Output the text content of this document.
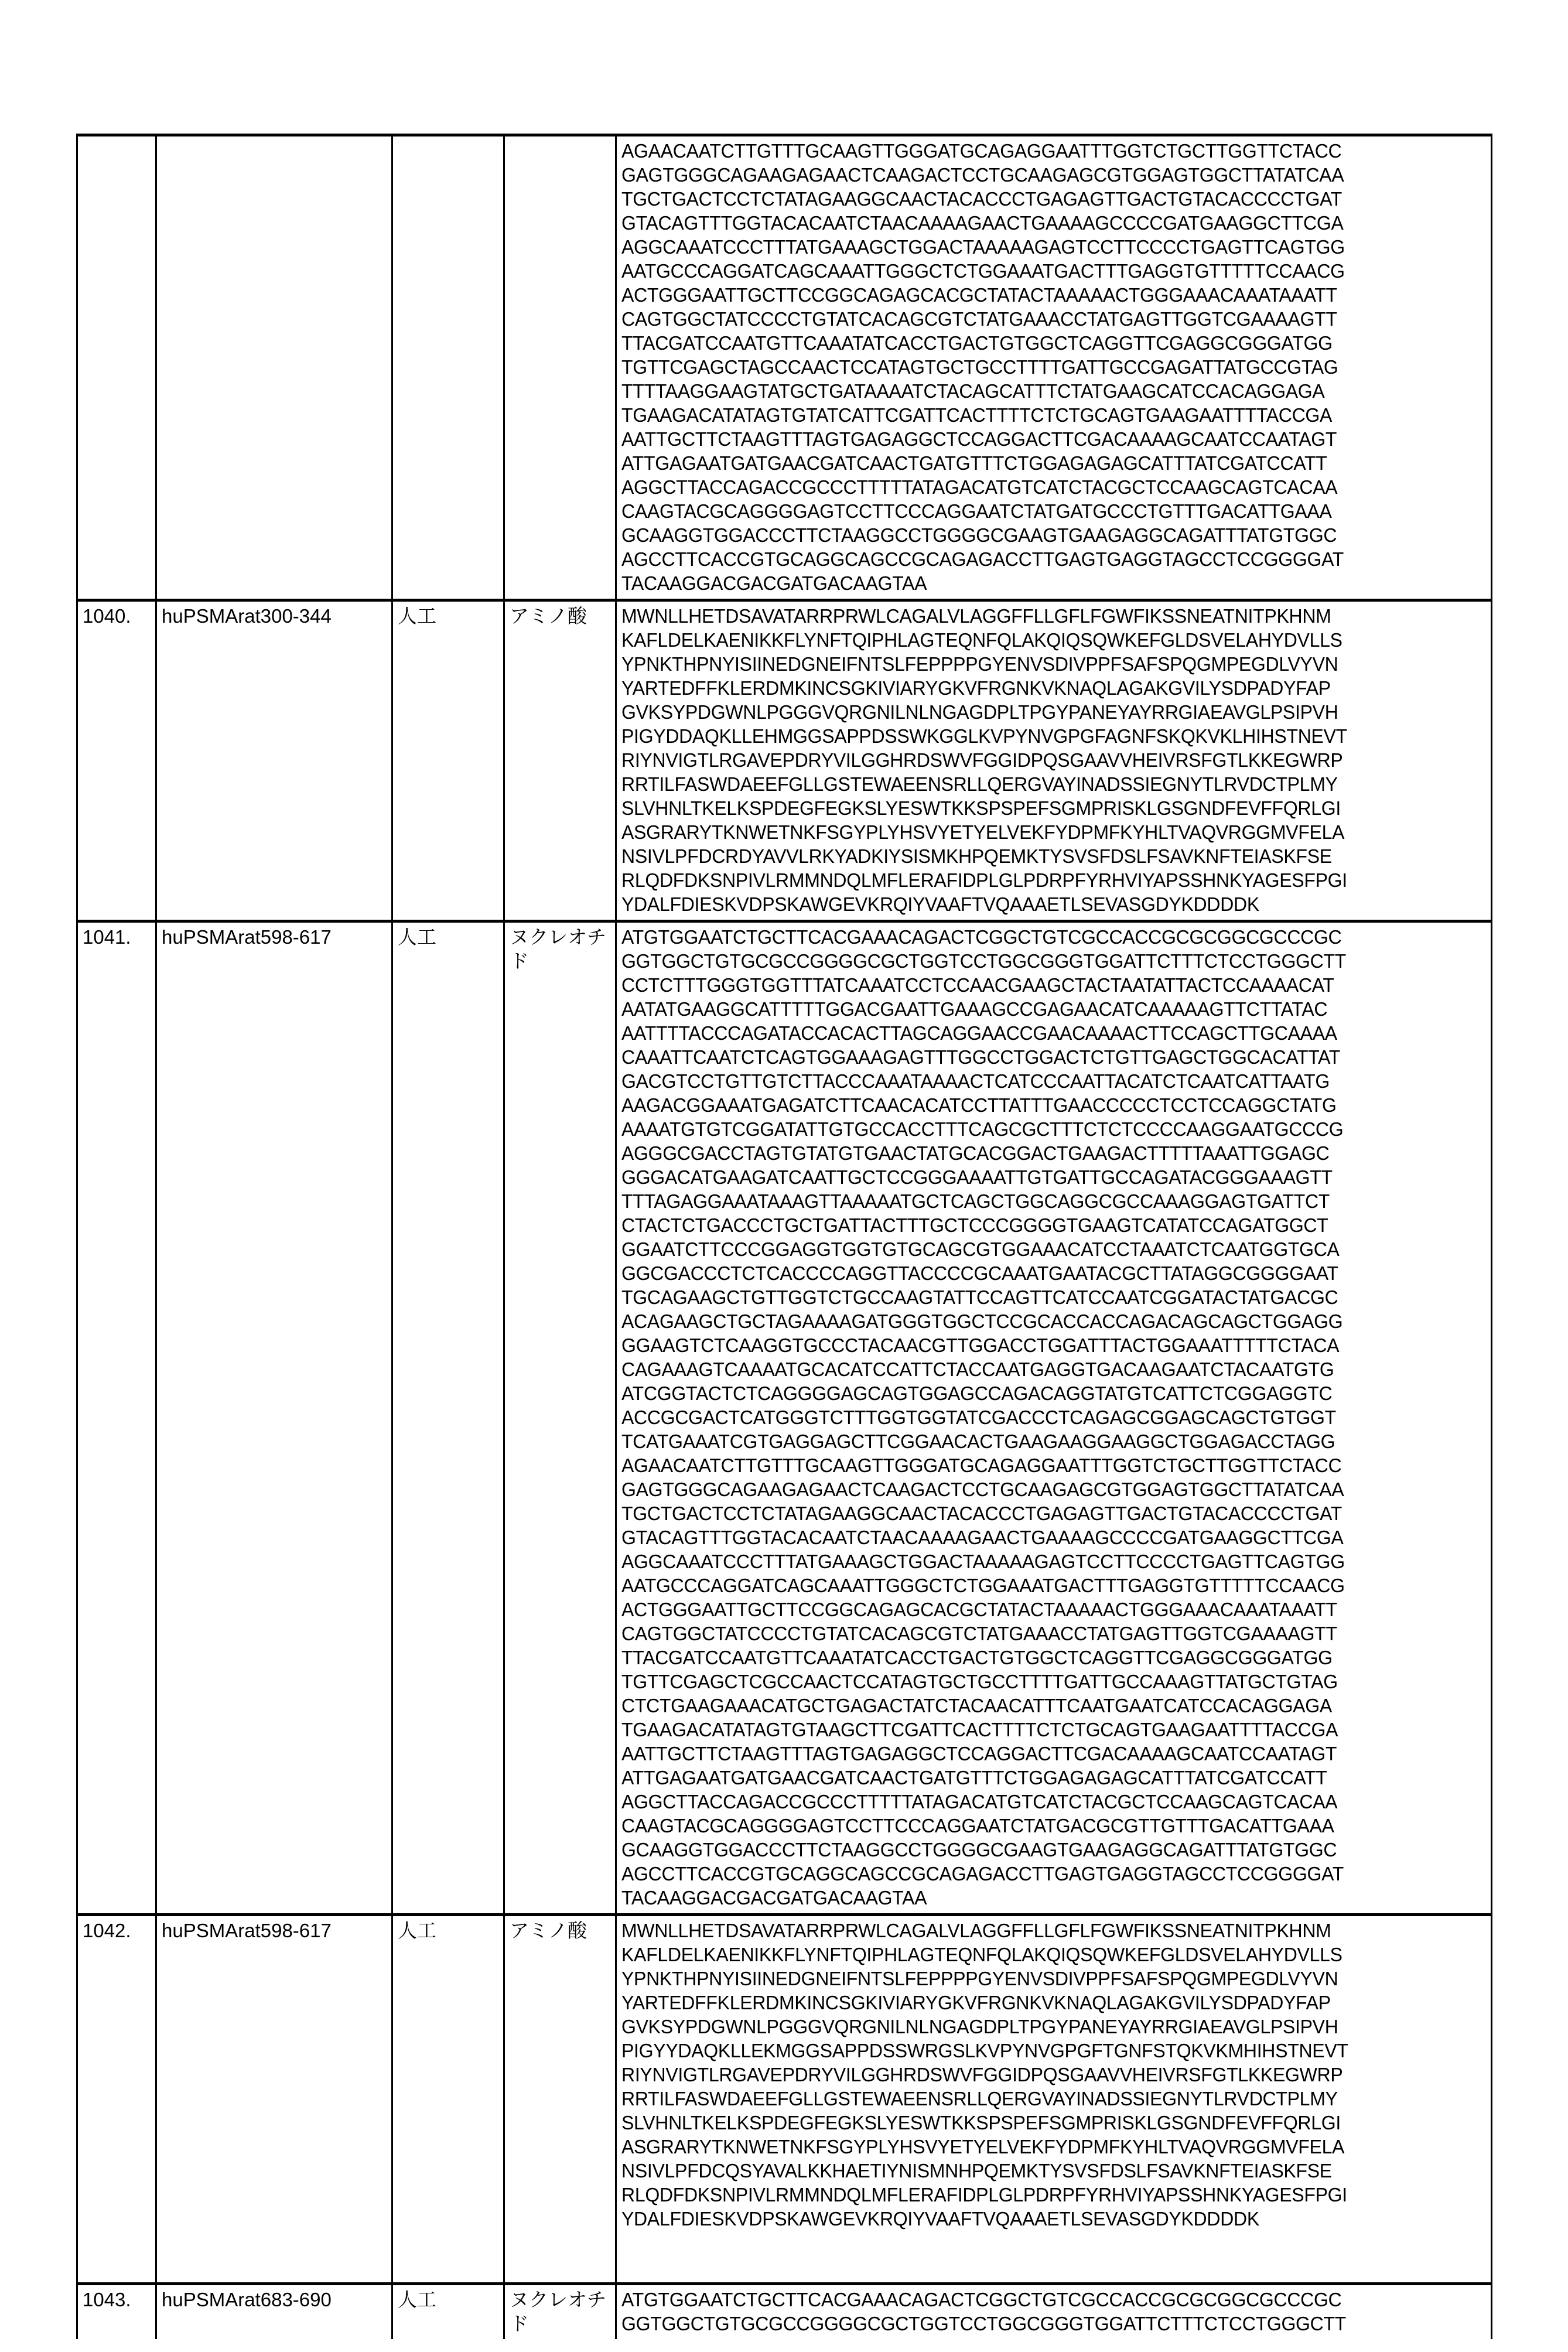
AGAACAATCTTGTTTGCAAGTTGGGATGCAGAGGAATTTGGTCTGCTTGGTTCTACC
GAGTGGGCAGAAGAGAACTCAAGACTCCTGCAAGAGCGTGGAGTGGCTTATATCAA
TGCTGACTCCTCTATAGAAGGCAACTACACCCTGAGAGTTGACTGTACACCCCTGAT
GTACAGTTTGGTACACAATCTAACAAAAGAACTGAAAAGCCCCGATGAAGGCTTCGA
AGGCAAATCCCTTTATGAAAGCTGGACTAAAAAGAGTCCTTCCCCTGAGTTCAGTGG
AATGCCCAGGATCAGCAAATTGGGCTCTGGAAATGACTTTGAGGTGTTTTTCCAACG
ACTGGGAATTGCTTCCGGCAGAGCACGCTATACTAAAAACTGGGAAACAAATAAATT
CAGTGGCTATCCCCTGTATCACAGCGTCTATGAAACCTATGAGTTGGTCGAAAAGTT
TTACGATCCAATGTTCAAATATCACCTGACTGTGGCTCAGGTTCGAGGCGGGATGG
TGTTCGAGCTAGCCAACTCCATAGTGCTGCCTTTTGATTGCCGAGATTATGCCGTAG
TTTTAAGGAAGTATGCTGATAAAATCTACAGCATTTCTATGAAGCATCCACAGGAGA
TGAAGACATATAGTGTATCATTCGATTCACTTTTCTCTGCAGTGAAGAATTTTACCGA
AATTGCTTCTAAGTTTAGTGAGAGGCTCCAGGACTTCGACAAAAGCAATCCAATAGT
ATTGAGAATGATGAACGATCAACTGATGTTTCTGGAGAGAGCATTTATCGATCCATT
AGGCTTACCAGACCGCCCTTTTTATAGACATGTCATCTACGCTCCAAGCAGTCACAA
CAAGTACGCAGGGGAGTCCTTCCCAGGAATCTATGATGCCCTGTTTGACATTGAAA
GCAAGGTGGACCCTTCTAAGGCCTGGGGCGAAGTGAAGAGGCAGATTTATGTGGC
AGCCTTCACCGTGCAGGCAGCCGCAGAGACCTTGAGTGAGGTAGCCTCCGGGGAT
TACAAGGACGACGATGACAAGTAA

1040.	huPSMArat300-344	人工	アミノ酸	MWNLLHETDSAVATARRPRWLCAGALVLAGGFFLLGFLFGWFIKSSNEATNITPKHNM
KAFLDELKAENIKKFLYNFTQIPHLAGTEQNFQLAKQIQSQWKEFGLDSVELAHYDVLLS
YPNKTHPNYISIINEDGNEIFNTSLFEPPPPGYENVSDIVPPFSAFSPQGMPEGDLVYVN
YARTEDFFKLERDMKINCSGKIVIARYGKVFRGNKVKNAQLAGAKGVILYSDPADYFAP
GVKSYPDGWNLPGGGVQRGNILNLNGAGDPLTPGYPANEYAYRRGIAEAVGLPSIPVH
PIGYDDAQKLLEHMGGSAPPDSSWKGGLKVPYNVGPGFAGNFSKQKVKLHIHSTNEVT
RIYNVIGTLRGAVEPDRYVILGGHRDSWVFGGIDPQSGAAVVHEIVRSFGTLKKEGWRP
RRTILFASWDAEEFGLLGSTEWAEENSRLLQERGVAYINADSSIEGNYTLRVDCTPLMY
SLVHNLTKELKSPDEGFEGKSLYESWTKKSPSPEFSGMPRISKLGSGNDFEVFFQRLGI
ASGRARYTKNWETNKFSGYPLYHSVYETYELVEKFYDPMFKYHLTVAQVRGGMVFELA
NSIVLPFDCRDYAVVLRKYADKIYSISMKHPQEMKTYSVSFDSLFSAVKNFTEIASKFSE
RLQDFDKSNPIVLRMMNDQLMFLERAFIDPLGLPDRPFYRHVIYAPSSHNKYAGESFPGI
YDALFDIESKVDPSKAWGEVKRQIYVAAFTVQAAAETLSEVASGDYKDDDDK

1041.	huPSMArat598-617	人工	ヌクレオチド	
ATGTGGAATCTGCTTCACGAAACAGACTCGGCTGTCGCCACCGCGCGGCGCCCGC
GGTGGCTGTGCGCCGGGGCGCTGGTCCTGGCGGGTGGATTCTTTCTCCTGGGCTT
CCTCTTTGGGTGGTTTATCAAATCCTCCAACGAAGCTACTAATATTACTCCAAAACAT
AATATGAAGGCATTTTTGGACGAATTGAAAGCCGAGAACATCAAAAAGTTCTTATAC
AATTTTACCCAGATACCACACTTAGCAGGAACCGAACAAAACTTCCAGCTTGCAAAA
CAAATTCAATCTCAGTGGAAAGAGTTTGGCCTGGACTCTGTTGAGCTGGCACATTAT
GACGTCCTGTTGTCTTACCCAAATAAAACTCATCCCAATTACATCTCAATCATTAATG
AAGACGGAAATGAGATCTTCAACACATCCTTATTTGAACCCCCTCCTCCAGGCTATG
AAAATGTGTCGGATATTGTGCCACCTTTCAGCGCTTTCTCTCCCCAAGGAATGCCCG
AGGGCGACCTAGTGTATGTGAACTATGCACGGACTGAAGACTTTTTAAATTGGAGC
GGGACATGAAGATCAATTGCTCCGGGAAAATTGTGATTGCCAGATACGGGAAAGTT
TTTAGAGGAAATAAAGTTAAAAATGCTCAGCTGGCAGGCGCCAAAGGAGTGATTCT
CTACTCTGACCCTGCTGATTACTTTGCTCCCGGGGTGAAGTCATATCCAGATGGCT
GGAATCTTCCCGGAGGTGGTGTGCAGCGTGGAAACATCCTAAATCTCAATGGTGCA
GGCGACCCTCTCACCCCAGGTTACCCCGCAAATGAATACGCTTATAGGCGGGGAAT
TGCAGAAGCTGTTGGTCTGCCAAGTATTCCAGTTCATCCAATCGGATACTATGACGC
ACAGAAGCTGCTAGAAAAGATGGGTGGCTCCGCACCACCAGACAGCAGCTGGAGG
GGAAGTCTCAAGGTGCCCTACAACGTTGGACCTGGATTTACTGGAAATTTTTCTACA
CAGAAAGTCAAAATGCACATCCATTCTACCAATGAGGTGACAAGAATCTACAATGTG
ATCGGTACTCTCAGGGGAGCAGTGGAGCCAGACAGGTATGTCATTCTCGGAGGTC
ACCGCGACTCATGGGTCTTTGGTGGTATCGACCCTCAGAGCGGAGCAGCTGTGGT
TCATGAAATCGTGAGGAGCTTCGGAACACTGAAGAAGGAAGGCTGGAGACCTAGG
AGAACAATCTTGTTTGCAAGTTGGGATGCAGAGGAATTTGGTCTGCTTGGTTCTACC
GAGTGGGCAGAAGAGAACTCAAGACTCCTGCAAGAGCGTGGAGTGGCTTATATCAA
TGCTGACTCCTCTATAGAAGGCAACTACACCCTGAGAGTTGACTGTACACCCCTGAT
GTACAGTTTGGTACACAATCTAACAAAAGAACTGAAAAGCCCCGATGAAGGCTTCGA
AGGCAAATCCCTTTATGAAAGCTGGACTAAAAAGAGTCCTTCCCCTGAGTTCAGTGG
AATGCCCAGGATCAGCAAATTGGGCTCTGGAAATGACTTTGAGGTGTTTTTCCAACG
ACTGGGAATTGCTTCCGGCAGAGCACGCTATACTAAAAACTGGGAAACAAATAAATT
CAGTGGCTATCCCCTGTATCACAGCGTCTATGAAACCTATGAGTTGGTCGAAAAGTT
TTACGATCCAATGTTCAAATATCACCTGACTGTGGCTCAGGTTCGAGGCGGGATGG
TGTTCGAGCTCGCCAACTCCATAGTGCTGCCTTTTGATTGCCAAAGTTATGCTGTAG
CTCTGAAGAAACATGCTGAGACTATCTACAACATTTCAATGAATCATCCACAGGAGA
TGAAGACATATAGTGTAAGCTTCGATTCACTTTTCTCTGCAGTGAAGAATTTTACCGA
AATTGCTTCTAAGTTTAGTGAGAGGCTCCAGGACTTCGACAAAAGCAATCCAATAGT
ATTGAGAATGATGAACGATCAACTGATGTTTCTGGAGAGAGCATTTATCGATCCATT
AGGCTTACCAGACCGCCCTTTTTATAGACATGTCATCTACGCTCCAAGCAGTCACAA
CAAGTACGCAGGGGAGTCCTTCCCAGGAATCTATGACGCGTTGTTTGACATTGAAA
GCAAGGTGGACCCTTCTAAGGCCTGGGGCGAAGTGAAGAGGCAGATTTATGTGGC
AGCCTTCACCGTGCAGGCAGCCGCAGAGACCTTGAGTGAGGTAGCCTCCGGGGAT
TACAAGGACGACGATGACAAGTAA

1042.	huPSMArat598-617	人工	アミノ酸	MWNLLHETDSAVATARRPRWLCAGALVLAGGFFLLGFLFGWFIKSSNEATNITPKHNM
KAFLDELKAENIKKFLYNFTQIPHLAGTEQNFQLAKQIQSQWKEFGLDSVELAHYDVLLS
YPNKTHPNYISIINEDGNEIFNTSLFEPPPPGYENVSDIVPPFSAFSPQGMPEGDLVYVN
YARTEDFFKLERDMKINCSGKIVIARYGKVFRGNKVKNAQLAGAKGVILYSDPADYFAP
GVKSYPDGWNLPGGGVQRGNILNLNGAGDPLTPGYPANEYAYRRGIAEAVGLPSIPVH
PIGYYDAQKLLEKMGGSAPPDSSWRGSLKVPYNVGPGFTGNFSTQKVKMHIHSTNEVT
RIYNVIGTLRGAVEPDRYVILGGHRDSWVFGGIDPQSGAAVVHEIVRSFGTLKKEGWRP
RRTILFASWDAEEFGLLGSTEWAEENSRLLQERGVAYINADSSIEGNYTLRVDCTPLMY
SLVHNLTKELKSPDEGFEGKSLYESWTKKSPSPEFSGMPRISKLGSGNDFEVFFQRLGI
ASGRARYTKNWETNKFSGYPLYHSVYETYELVEKFYDPMFKYHLTVAQVRGGMVFELA
NSIVLPFDCQSYAVALKKHAETIYNISMNHPQEMKTYSVSFDSLFSAVKNFTEIASKFSE
RLQDFDKSNPIVLRMMNDQLMFLERAFIDPLGLPDRPFYRHVIYAPSSHNKYAGESFPGI
YDALFDIESKVDPSKAWGEVKRQIYVAAFTVQAAAETLSEVASGDYKDDDDK

1043.	huPSMArat683-690	人工	ヌクレオチド	
ATGTGGAATCTGCTTCACGAAACAGACTCGGCTGTCGCCACCGCGCGGCGCCCGC
GGTGGCTGTGCGCCGGGGCGCTGGTCCTGGCGGGTGGATTCTTTCTCCTGGGCTT
